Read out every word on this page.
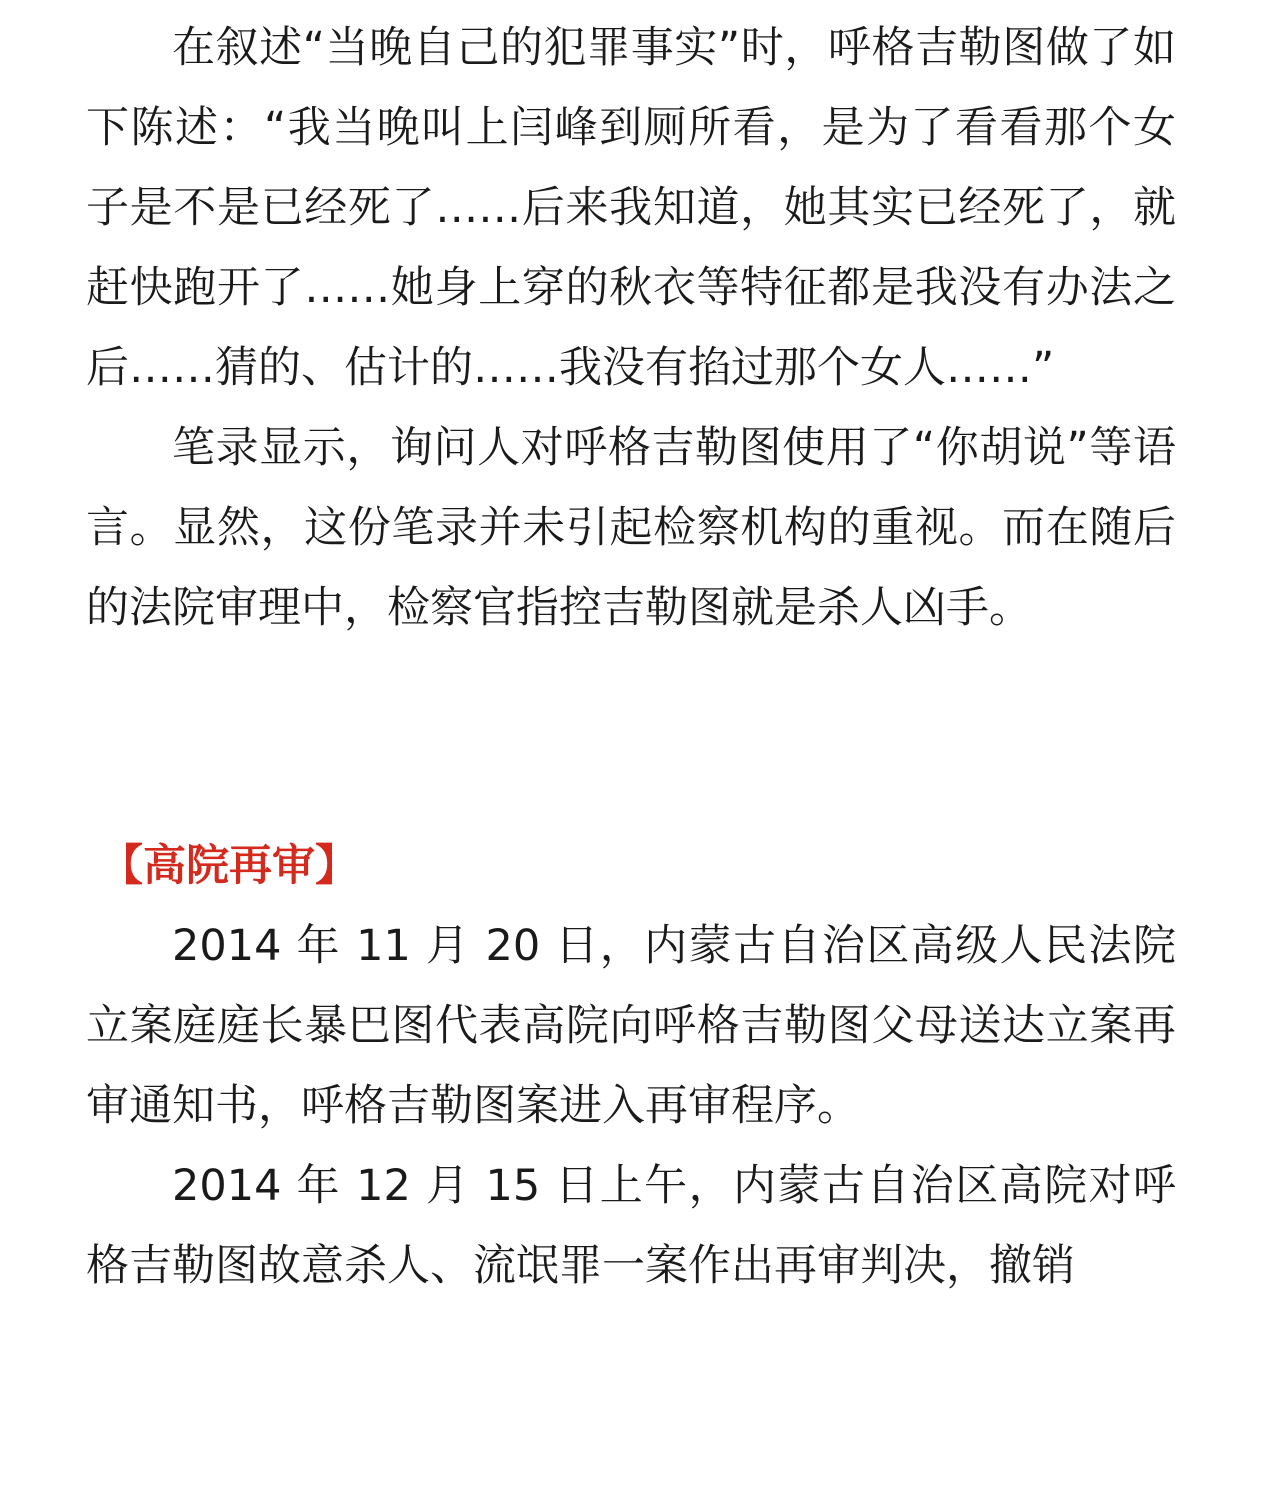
在叙述“当晚自己的犯罪事实”时，呼格吉勒图做了如下陈述：“我当晚叫上闫峰到厕所看，是为了看看那个女子是不是已经死了……后来我知道，她其实已经死了，就赶快跑开了……她身上穿的秋衣等特征都是我没有办法之后……猜的、估计的……我没有掐过那个女人……”

笔录显示，询问人对呼格吉勒图使用了“你胡说”等语言。显然，这份笔录并未引起检察机构的重视。而在随后的法院审理中，检察官指控吉勒图就是杀人凶手。

【高院再审】

2014 年 11 月 20 日，内蒙古自治区高级人民法院立案庭庭长暴巴图代表高院向呼格吉勒图父母送达立案再审通知书，呼格吉勒图案进入再审程序。

2014 年 12 月 15 日上午，内蒙古自治区高院对呼格吉勒图故意杀人、流氓罪一案作出再审判决，撤销
